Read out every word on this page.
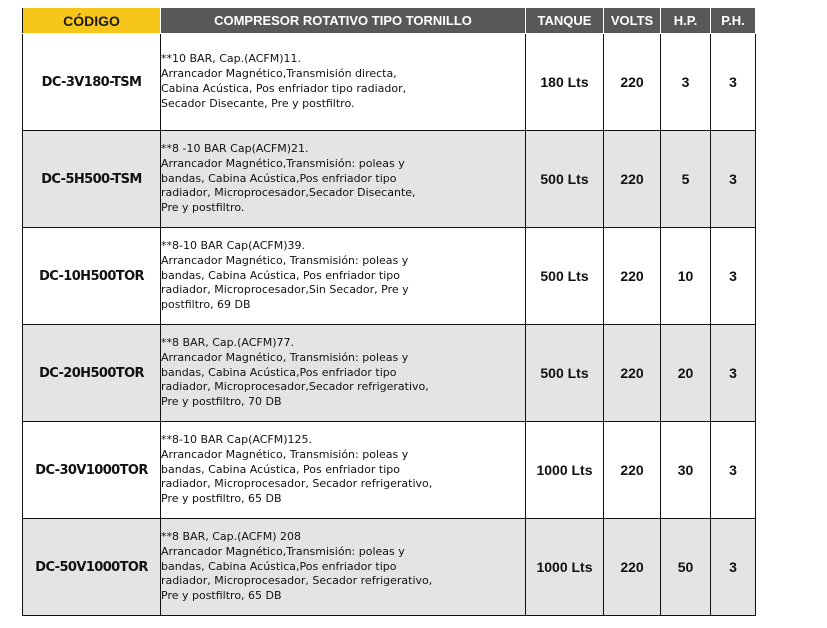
CÓDIGO	COMPRESOR ROTATIVO TIPO TORNILLO	TANQUE	VOLTS	H.P.	P.H.
DC-3V180-TSM	**10 BAR, Cap.(ACFM)11.
Arrancador Magnético,Transmisión directa,
Cabina Acústica, Pos enfriador tipo radiador,
Secador Disecante, Pre y postfiltro.	180 Lts	220	3	3
DC-5H500-TSM	**8 -10 BAR Cap(ACFM)21.
Arrancador Magnético,Transmisión: poleas y
bandas, Cabina Acústica,Pos enfriador tipo
radiador, Microprocesador,Secador Disecante,
Pre y postfiltro.	500 Lts	220	5	3
DC-10H500TOR	**8-10 BAR Cap(ACFM)39.
Arrancador Magnético, Transmisión: poleas y
bandas, Cabina Acústica, Pos enfriador tipo
radiador, Microprocesador,Sin Secador, Pre y
postfiltro, 69 DB	500 Lts	220	10	3
DC-20H500TOR	**8 BAR, Cap.(ACFM)77.
Arrancador Magnético, Transmisión: poleas y
bandas, Cabina Acústica,Pos enfriador tipo
radiador, Microprocesador,Secador refrigerativo,
Pre y postfiltro, 70 DB	500 Lts	220	20	3
DC-30V1000TOR	**8-10 BAR Cap(ACFM)125.
Arrancador Magnético, Transmisión: poleas y
bandas, Cabina Acústica, Pos enfriador tipo
radiador, Microprocesador, Secador refrigerativo,
Pre y postfiltro, 65 DB	1000 Lts	220	30	3
DC-50V1000TOR	**8 BAR, Cap.(ACFM) 208
Arrancador Magnético,Transmisión: poleas y
bandas, Cabina Acústica,Pos enfriador tipo
radiador, Microprocesador, Secador refrigerativo,
Pre y postfiltro, 65 DB	1000 Lts	220	50	3
